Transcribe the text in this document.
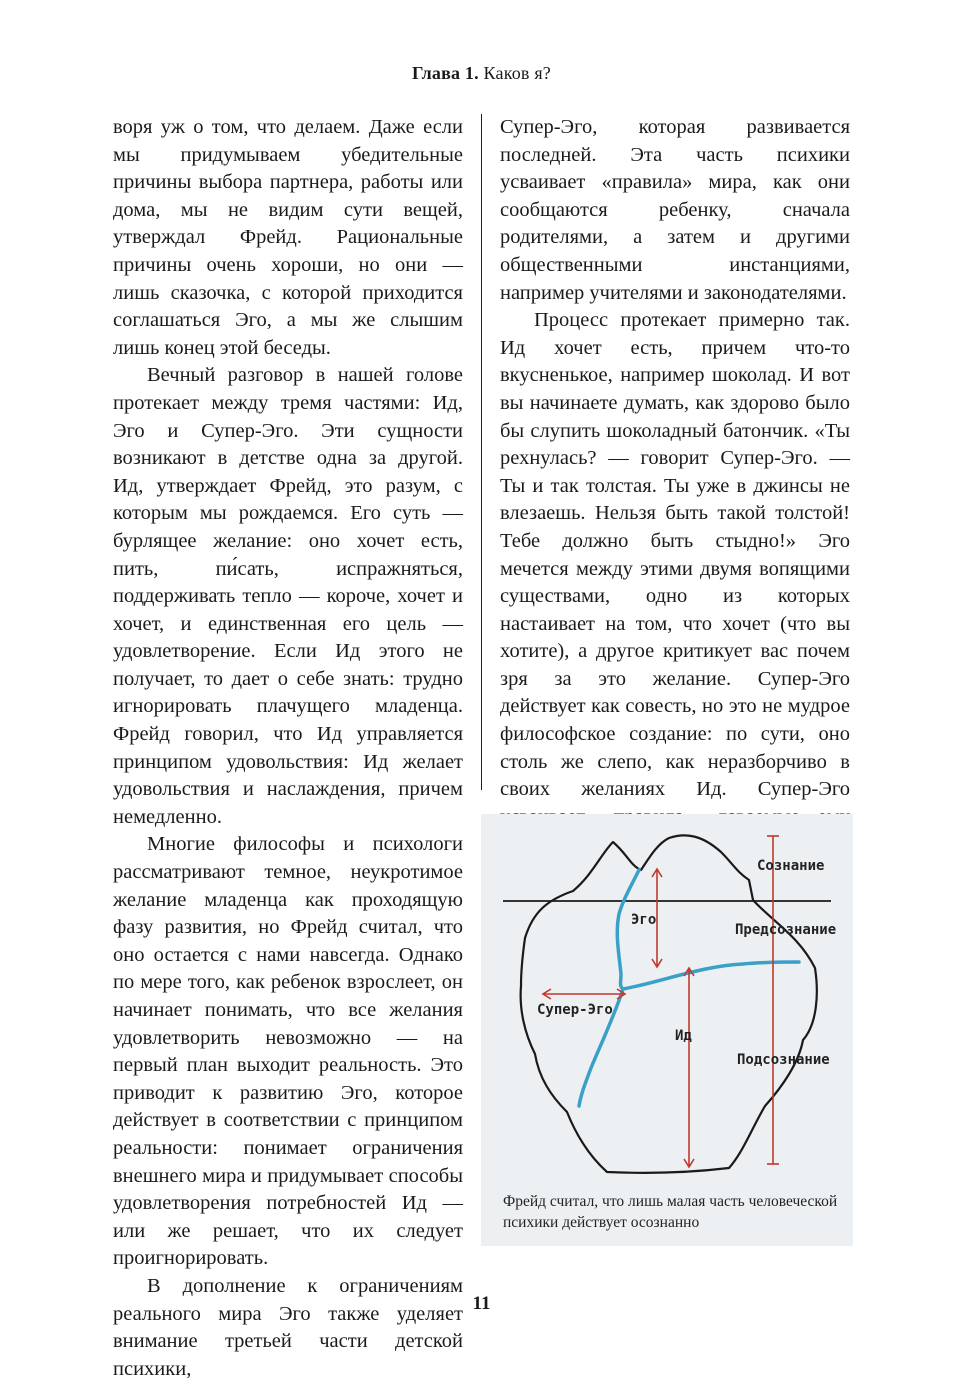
Глава 1. Каков я?

воря уж о том, что делаем. Даже если мы придумываем убедительные причины выбора партнера, работы или дома, мы не видим сути вещей, утверждал Фрейд. Рациональные причины очень хороши, но они — лишь сказочка, с которой приходится соглашаться Эго, а мы же слышим лишь конец этой беседы.

Вечный разговор в нашей голове протекает между тремя частями: Ид, Эго и Супер-Эго. Эти сущности возникают в детстве одна за другой. Ид, утверждает Фрейд, это разум, с которым мы рождаемся. Его суть — бурлящее желание: оно хочет есть, пить, пи́сать, испражняться, поддерживать тепло — короче, хочет и хочет, и единственная его цель — удовлетворение. Если Ид этого не получает, то дает о себе знать: трудно игнорировать плачущего младенца. Фрейд говорил, что Ид управляется принципом удовольствия: Ид желает удовольствия и наслаждения, причем немедленно.

Многие философы и психологи рассматривают темное, неукротимое желание младенца как проходящую фазу развития, но Фрейд считал, что оно остается с нами навсегда. Однако по мере того, как ребенок взрослеет, он начинает понимать, что все желания удовлетворить невозможно — на первый план выходит реальность. Это приводит к развитию Эго, которое действует в соответствии с принципом реальности: понимает ограничения внешнего мира и придумывает способы удовлетворения потребностей Ид — или же решает, что их следует проигнорировать.

В дополнение к ограничениям реального мира Эго также уделяет внимание третьей части детской психики,

Супер-Эго, которая развивается последней. Эта часть психики усваивает «правила» мира, как они сообщаются ребенку, сначала родителями, а затем и другими общественными инстанциями, например учителями и законодателями.

Процесс протекает примерно так. Ид хочет есть, причем что-то вкусненькое, например шоколад. И вот вы начинаете думать, как здорово было бы слупить шоколадный батончик. «Ты рехнулась? — говорит Супер-Эго. — Ты и так толстая. Ты уже в джинсы не влезаешь. Нельзя быть такой толстой! Тебе должно быть стыдно!» Эго мечется между этими двумя вопящими существами, одно из которых настаивает на том, что хочет (что вы хотите), а другое критикует вас почем зря за это желание. Супер-Эго действует как совесть, но это не мудрое философское создание: по сути, оно столь же слепо, как неразборчиво в своих желаниях Ид. Супер-Эго

Сознание
Предсознание
Подсознание
Эго
Супер-Эго
Ид
Фрейд считал, что лишь малая часть человеческой психики действует осознанно
11
